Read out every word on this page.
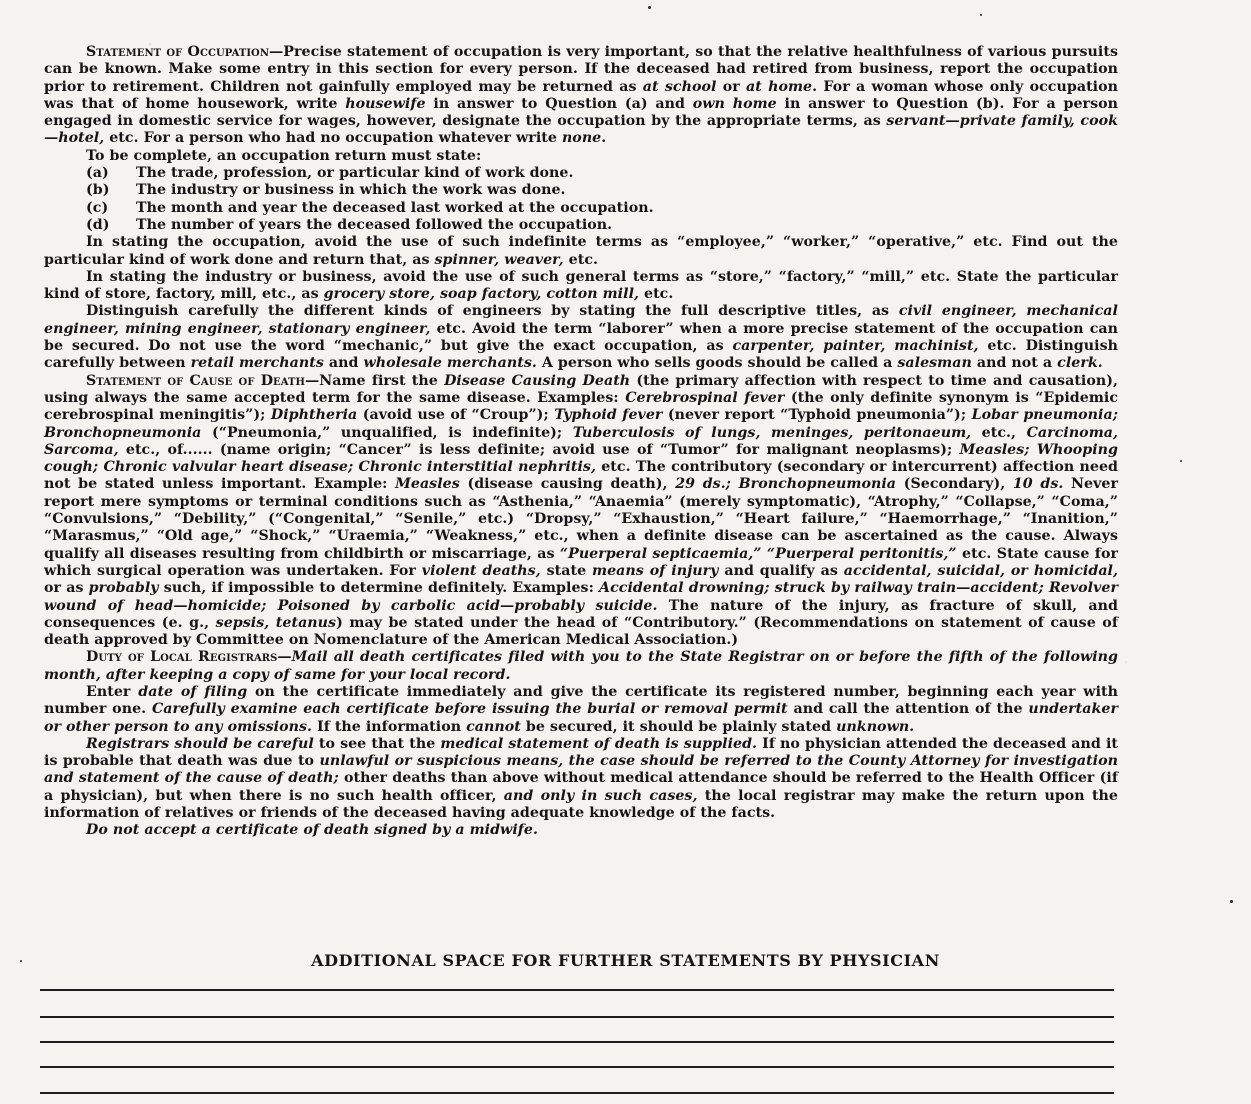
Statement of Occupation—Precise statement of occupation is very important, so that the relative healthfulness of various pursuits can be known. Make some entry in this section for every person. If the deceased had retired from business, report the occupation prior to retirement. Children not gainfully employed may be returned as at school or at home. For a woman whose only occupation was that of home housework, write housewife in answer to Question (a) and own home in answer to Question (b). For a person engaged in domestic service for wages, however, designate the occupation by the appropriate terms, as servant—private family, cook—hotel, etc. For a person who had no occupation whatever write none.

To be complete, an occupation return must state:

(a)	The trade, profession, or particular kind of work done.
(b)	The industry or business in which the work was done.
(c)	The month and year the deceased last worked at the occupation.
(d)	The number of years the deceased followed the occupation.

In stating the occupation, avoid the use of such indefinite terms as “employee,” “worker,” “operative,” etc. Find out the particular kind of work done and return that, as spinner, weaver, etc.

In stating the industry or business, avoid the use of such general terms as “store,” “factory,” “mill,” etc. State the particular kind of store, factory, mill, etc., as grocery store, soap factory, cotton mill, etc.

Distinguish carefully the different kinds of engineers by stating the full descriptive titles, as civil engineer, mechanical engineer, mining engineer, stationary engineer, etc. Avoid the term “laborer” when a more precise statement of the occupation can be secured. Do not use the word “mechanic,” but give the exact occupation, as carpenter, painter, machinist, etc. Distinguish carefully between retail merchants and wholesale merchants. A person who sells goods should be called a salesman and not a clerk.

Statement of Cause of Death—Name first the Disease Causing Death (the primary affection with respect to time and causation), using always the same accepted term for the same disease. Examples: Cerebrospinal fever (the only definite synonym is “Epidemic cerebrospinal meningitis”); Diphtheria (avoid use of “Croup”); Typhoid fever (never report “Typhoid pneumonia”); Lobar pneumonia; Bronchopneumonia (“Pneumonia,” unqualified, is indefinite); Tuberculosis of lungs, meninges, peritonaeum, etc., Carcinoma, Sarcoma, etc., of...... (name origin; “Cancer” is less definite; avoid use of “Tumor” for malignant neoplasms); Measles; Whooping cough; Chronic valvular heart disease; Chronic interstitial nephritis, etc. The contributory (secondary or intercurrent) affection need not be stated unless important. Example: Measles (disease causing death), 29 ds.; Bronchopneumonia (Secondary), 10 ds. Never report mere symptoms or terminal conditions such as “Asthenia,” “Anaemia” (merely symptomatic), “Atrophy,” “Collapse,” “Coma,” “Convulsions,” “Debility,” (“Congenital,” “Senile,” etc.) “Dropsy,” “Exhaustion,” “Heart failure,” “Haemorrhage,” “Inanition,” “Marasmus,” “Old age,” “Shock,” “Uraemia,” “Weakness,” etc., when a definite disease can be ascertained as the cause. Always qualify all diseases resulting from childbirth or miscarriage, as “Puerperal septicaemia,” “Puerperal peritonitis,” etc. State cause for which surgical operation was undertaken. For violent deaths, state means of injury and qualify as accidental, suicidal, or homicidal, or as probably such, if impossible to determine definitely. Examples: Accidental drowning; struck by railway train—accident; Revolver wound of head—homicide; Poisoned by carbolic acid—probably suicide. The nature of the injury, as fracture of skull, and consequences (e. g., sepsis, tetanus) may be stated under the head of “Contributory.” (Recommendations on statement of cause of death approved by Committee on Nomenclature of the American Medical Association.)

Duty of Local Registrars—Mail all death certificates filed with you to the State Registrar on or before the fifth of the following month, after keeping a copy of same for your local record.

Enter date of filing on the certificate immediately and give the certificate its registered number, beginning each year with number one. Carefully examine each certificate before issuing the burial or removal permit and call the attention of the undertaker or other person to any omissions. If the information cannot be secured, it should be plainly stated unknown.

Registrars should be careful to see that the medical statement of death is supplied. If no physician attended the deceased and it is probable that death was due to unlawful or suspicious means, the case should be referred to the County Attorney for investigation and statement of the cause of death; other deaths than above without medical attendance should be referred to the Health Officer (if a physician), but when there is no such health officer, and only in such cases, the local registrar may make the return upon the information of relatives or friends of the deceased having adequate knowledge of the facts.

Do not accept a certificate of death signed by a midwife.

ADDITIONAL SPACE FOR FURTHER STATEMENTS BY PHYSICIAN
